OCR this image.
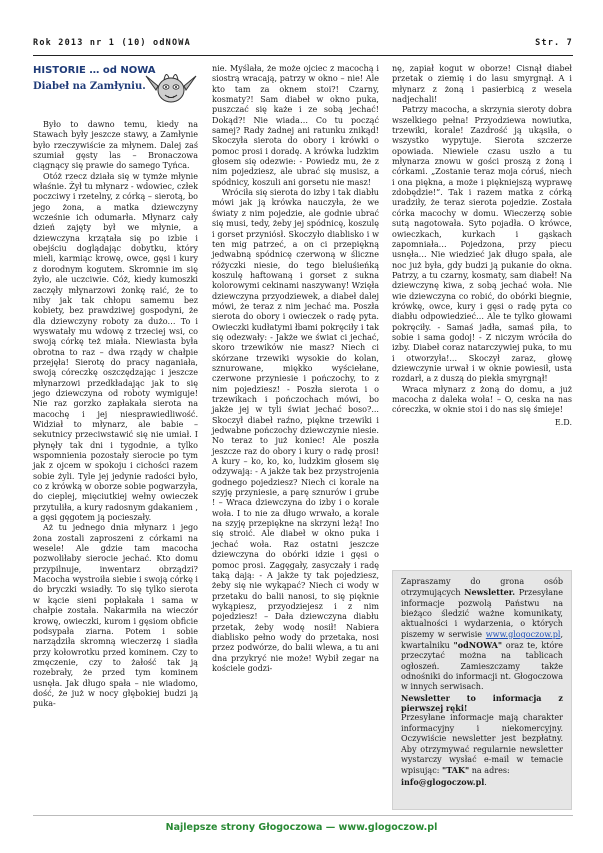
Rok 2013 nr 1 (10) odNOWA	Str. 7
HISTORIE … od NOWA
Diabeł na Zamłyniu.

Było to dawno temu, kiedy na Stawach były jeszcze stawy, a Zamłynie było rzeczywiście za młynem. Dalej zaś szumiał gęsty las – Bronaczowa ciągnący się prawie do samego Tyńca.

Otóż rzecz działa się w tymże młynie właśnie. Żył tu młynarz - wdowiec, człek poczciwy i rzetelny, z córką – sierotą, bo jego żona, a matka dziewczyny wcześnie ich odumarła. Młynarz cały dzień zajęty był we młynie, a dziewczyna krzątała się po izbie i obejściu doglądając dobytku, który mieli, karmiąc krowę, owce, gęsi i kury z dorodnym kogutem. Skromnie im się żyło, ale uczciwie. Cóż, kiedy kumoszki zaczęły młynarzowi żonkę raić, że to niby jak tak chłopu samemu bez kobiety, bez prawdziwej gospodyni, że dla dziewczyny roboty za dużo… To i wyswatały mu wdowę z trzeciej wsi, co swoją córkę też miała. Niewiasta była obrotna to raz – dwa rządy w chałpie przejęła! Sierotę do pracy naganiała, swoją córeczkę oszczędzając i jeszcze młynarzowi przedkładając jak to się jego dziewczyna od roboty wymiguje! Nie raz gorzko zapłakała sierota na macochę i jej niesprawiedliwość. Widział to młynarz, ale babie – sekutnicy przeciwstawić się nie umiał. I płynęły tak dni i tygodnie, a tylko wspomnienia pozostały sierocie po tym jak z ojcem w spokoju i cichości razem sobie żyli. Tyle jej jedynie radości było, co z krówką w oborze sobie pogwarzyła, do cieplej, mięciutkiej wełny owieczek przytuliła, a kury radosnym gdakaniem , a gęsi gęgotem ją pocieszały.

Aż tu jednego dnia młynarz i jego żona zostali zaproszeni z córkami na wesele! Ale gdzie tam macocha pozwoliłaby sierocie jechać. Kto domu przypilnuje, inwentarz obrządzi? Macocha wystroiła siebie i swoją córkę i do bryczki wsiadły. To się tylko sierota w kącie sieni popłakała i sama w chałpie została. Nakarmiła na wieczór krowę, owieczki, kurom i gęsiom obficie podsypała ziarna. Potem i sobie narządziła skromną wieczerzę i siadła przy kołowrotku przed kominem. Czy to zmęczenie, czy to żałość tak ją rozebrały, że przed tym kominem usnęła. Jak długo spała – nie wiadomo, dość, że już w nocy głębokiej budzi ją puka-

nie. Myślała, że może ojciec z macochą i siostrą wracają, patrzy w okno – nie! Ale kto tam za oknem stoi?! Czarny, kosmaty?! Sam diabeł w okno puka, puszczać się każe i ze sobą jechać! Dokąd?! Nie wiada… Co tu począć samej? Rady żadnej ani ratunku znikąd! Skoczyła sierota do obory i krówki o pomoc prosi i doradę. A krówka ludzkim głosem się odezwie: - Powiedz mu, że z nim pojedziesz, ale ubrać się musisz, a spódnicy, koszuli ani gorsetu nie masz!

Wróciła się sierota do izby i tak diabłu mówi jak ją krówka nauczyła, że we światy z nim pojedzie, ale godnie ubrać się musi, tedy, żeby jej spódnicę, koszulę i gorset przyniósł. Skoczyło diablisko i w ten mig patrzeć, a on ci przepiękną jedwabną spódnicę czerwoną w śliczne różyczki niesie, do tego bieluśieńką koszulę haftowaną i gorset z sukna kolorowymi cekinami naszywany! Wzięła dziewczyna przyodziewek, a diabeł dalej mówi, że teraz z nim jechać ma. Poszła sierota do obory i owieczek o radę pyta. Owieczki kudłatymi łbami pokręciły i tak się odezwały: - Jakże we świat ci jechać, skoro trzewików nie masz? Niech ci skórzane trzewiki wysokie do kolan, sznurowane, miękko wyściełane, czerwone przyniesie i pończochy, to z nim pojedziesz! - Poszła sierota i o trzewikach i pończochach mówi, bo jakże jej w tyli świat jechać boso?... Skoczył diabeł raźno, piękne trzewiki i jedwabne pończochy dziewczynie niesie. No teraz to już koniec! Ale poszła jeszcze raz do obory i kury o radę prosi! A kury – ko, ko, ko, ludzkim głosem się odzywają: - A jakże tak bez przystrojenia godnego pojedziesz? Niech ci korale na szyję przyniesie, a parę sznurów i grube ! – Wraca dziewczyna do izby i o korale woła. I to nie za długo wrwało, a korale na szyję przepiękne na skrzyni leżą! Ino się stroić. Ale diabeł w okno puka i jechać woła. Raz ostatni jeszcze dziewczyna do obórki idzie i gęsi o pomoc prosi. Zagęgały, zasyczały i radę taką dają: - A jakże ty tak pojedziesz, żeby się nie wykąpać? Niech ci wody w przetaku do balii nanosi, to się pięknie wykąpiesz, przyodziejesz i z nim pojedziesz! – Dała dziewczyna diabłu przetak, żeby wodę nosił! Nabiera diablisko pełno wody do przetaka, nosi przez podwórze, do balii wlewa, a tu ani dna przykryć nie może! Wybił zegar na kościele godzi-

nę, zapiał kogut w oborze! Cisnął diabeł przetak o ziemię i do lasu smyrgnął. A i młynarz z żoną i pasierbicą z wesela nadjechali!

Patrzy macocha, a skrzynia sieroty dobra wszelkiego pełna! Przyodziewa nowiutka, trzewiki, korale! Zazdrość ją ukąsiła, o wszystko wypytuje. Sierota szczerze opowiada. Niewiele czasu uszło a tu młynarza znowu w gości proszą z żoną i córkami. „Zostanie teraz moja córuś, niech i ona piękna, a może i piękniejszą wyprawę zdobędzie!”. Tak i razem matka z córką uradziły, że teraz sierota pojedzie. Została córka macochy w domu. Wieczerzę sobie sutą nagotowała. Syto pojadła. O krówce, owieczkach, kurkach i gąskach zapomniała… Pojedzona, przy piecu usnęła… Nie wiedzieć jak długo spała, ale noc już była, gdy budzi ją pukanie do okna. Patrzy, a tu czarny, kosmaty, sam diabeł! Na dziewczynę kiwa, z sobą jechać woła. Nie wie dziewczyna co robić, do obórki biegnie, krówkę, owce, kury i gęsi o radę pyta co diabłu odpowiedzieć… Ale te tylko głowami pokręciły. - Samaś jadła, samaś piła, to sobie i sama godoj! - Z niczym wróciła do izby. Diabeł coraz natarczywiej puka, to mu i otworzyła!... Skoczył zaraz, głowę dziewczynie urwał i w oknie powiesił, usta rozdarł, a z duszą do piekła smyrgnął!

Wraca młynarz z żoną do domu, a już macocha z daleka woła! – O, ceska na nas córeczka, w oknie stoi i do nas się śmieje!

E.D.

Zapraszamy do grona osób otrzymujących Newsletter. Przesyłane informacje pozwolą Państwu na bieżąco śledzić ważne komunikaty, aktualności i wydarzenia, o których piszemy w serwisie www.glogoczow.pl, kwartalniku "odNOWA" oraz te, które przeczytać można na tablicach ogłoszeń. Zamieszczamy także odnośniki do informacji nt. Głogoczowa w innych serwisach.

Newsletter to informacja z pierwszej ręki!

Przesyłane informacje mają charakter informacyjny i niekomercyjny. Oczywiście newsletter jest bezpłatny. Aby otrzymywać regularnie newsletter wystarczy wysłać e-mail w temacie wpisując: "TAK" na adres:
info@glogoczow.pl.

Najlepsze strony Głogoczowa — www.glogoczow.pl
